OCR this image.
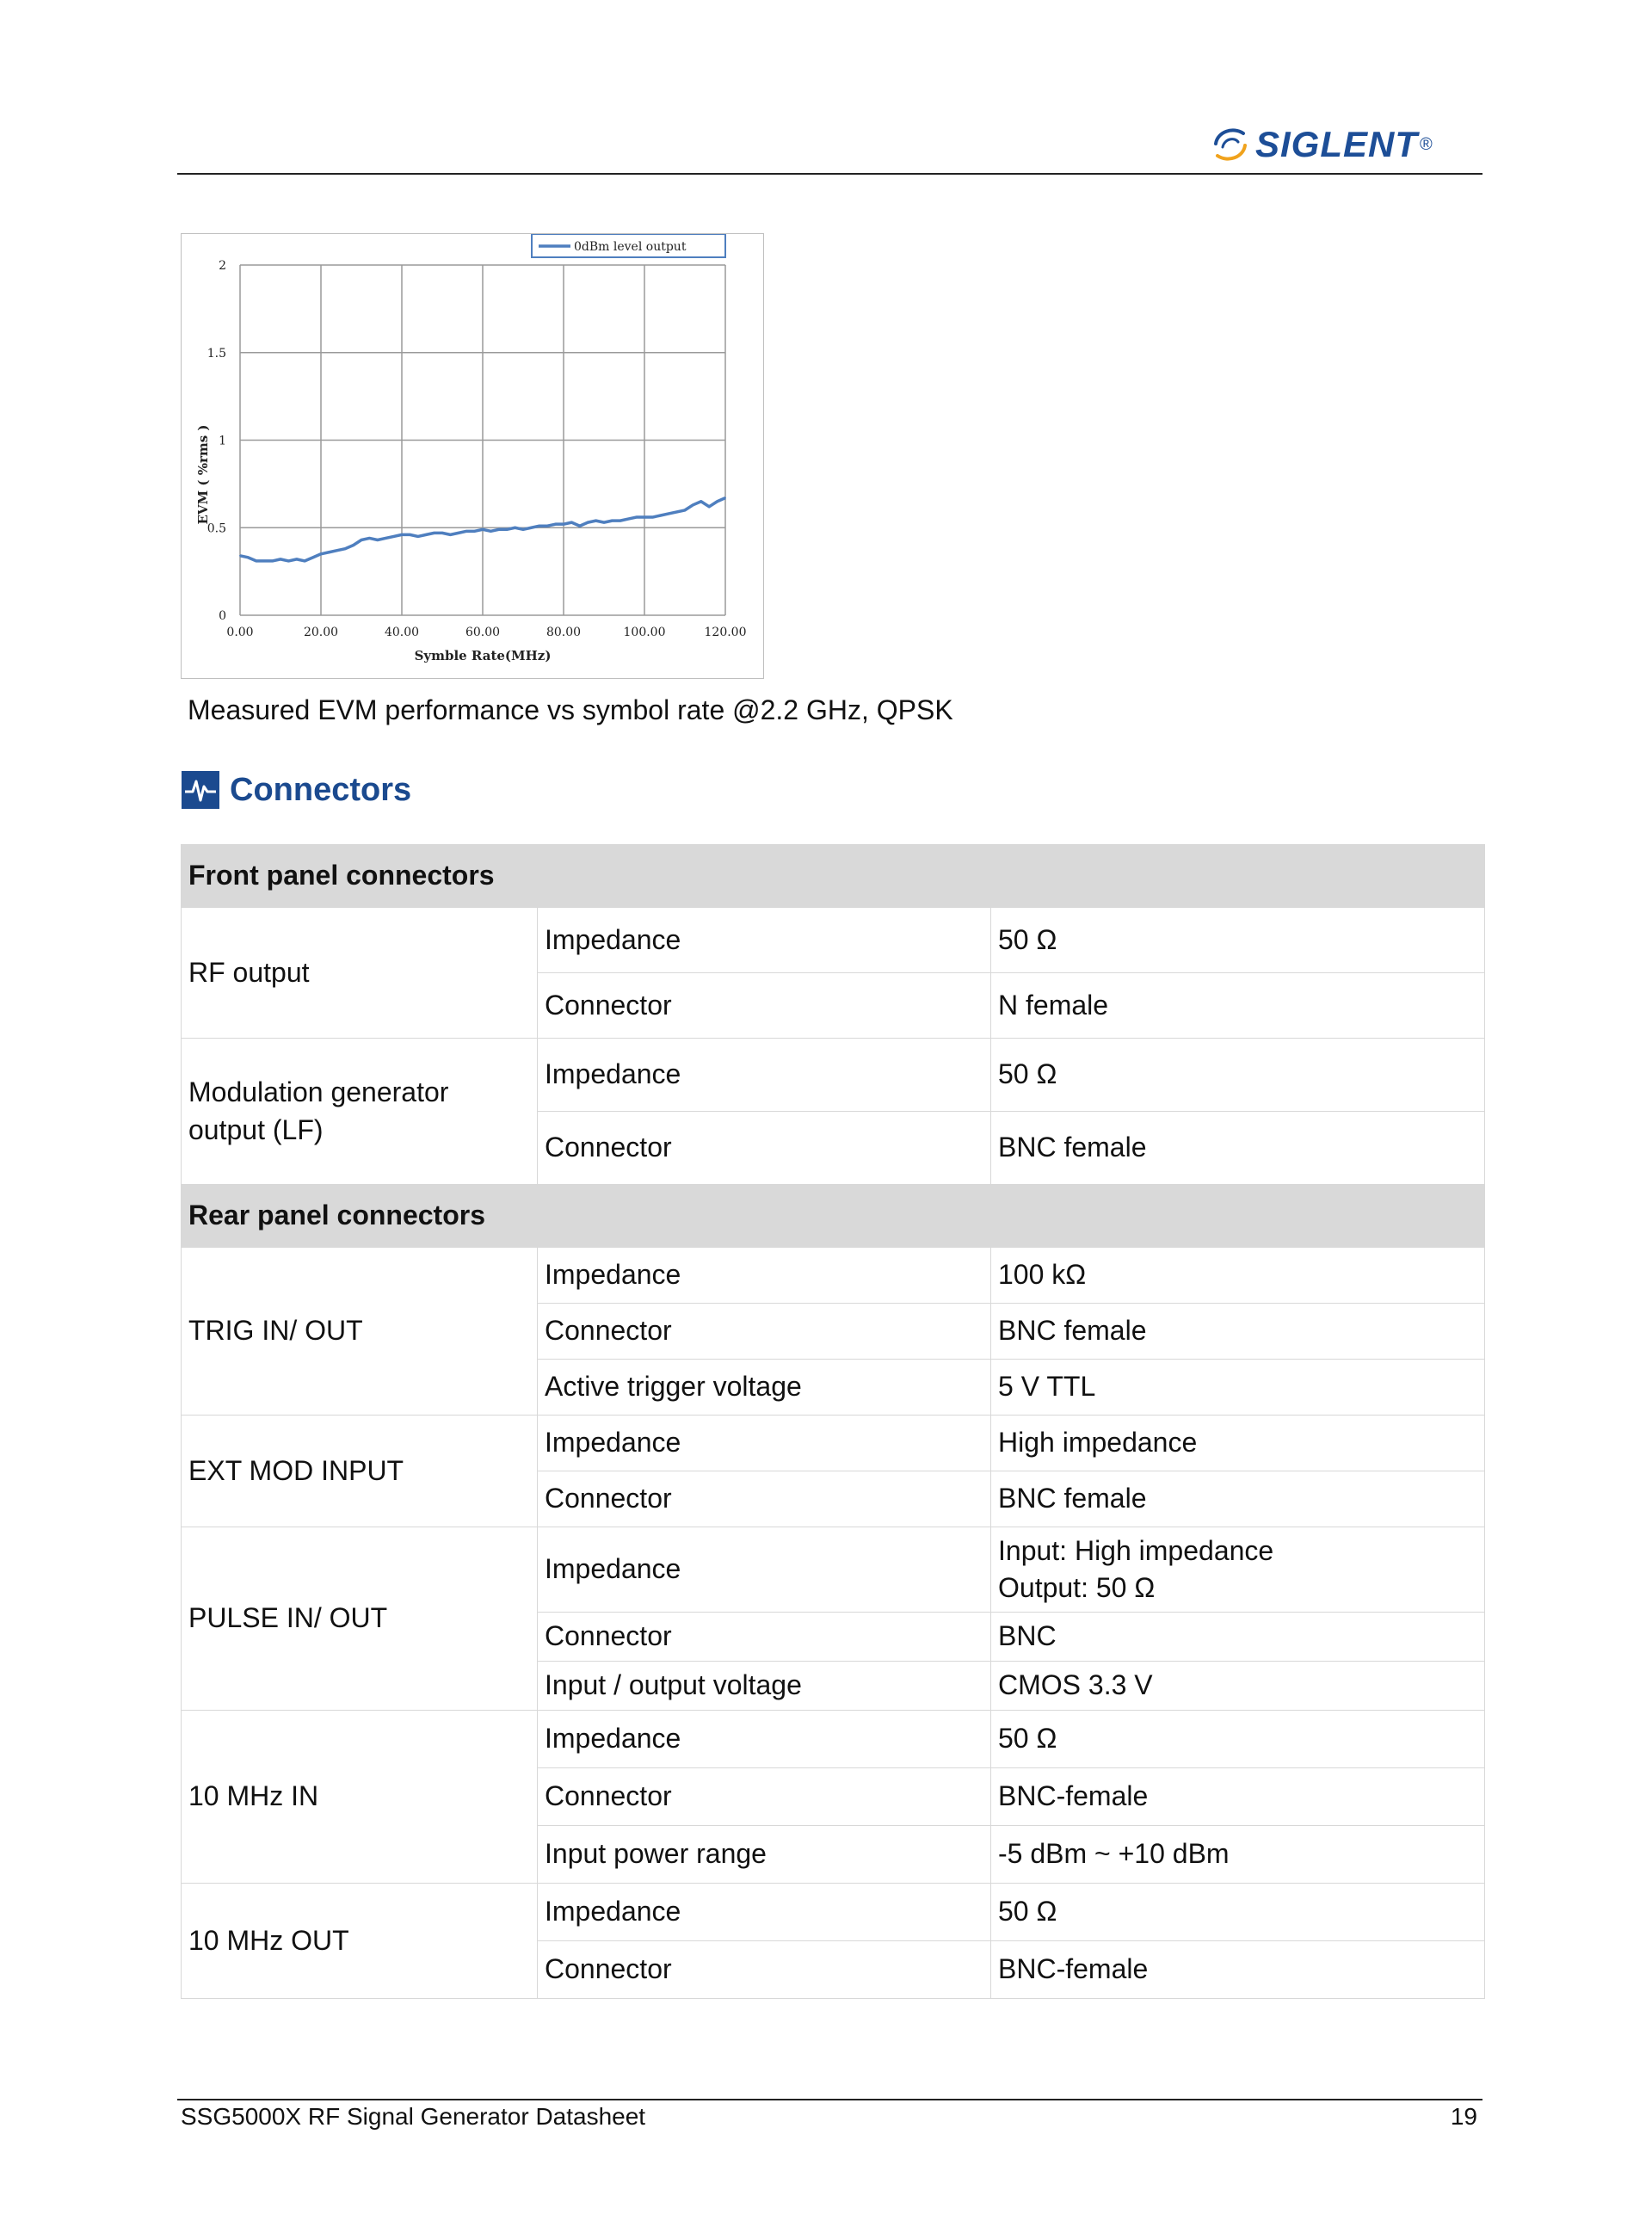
SIGLENT ®
0.00	20.00	40.00	60.00	80.00	100.00	120.00
0
0.5
1
1.5
2
Symble Rate(MHz)
EVM ( %rms )
0dBm level output
Measured EVM performance vs symbol rate @2.2 GHz, QPSK
Connectors
Front panel connectors		
RF output	Impedance	50 Ω
	Connector	N female
Modulation generator output (LF)	Impedance	50 Ω
	Connector	BNC female
Rear panel connectors		
TRIG IN/ OUT	Impedance	100 kΩ
	Connector	BNC female
	Active trigger voltage	5 V TTL
EXT MOD INPUT	Impedance	High impedance
	Connector	BNC female
PULSE IN/ OUT	Impedance	Input: High impedance
Output: 50 Ω
	Connector	BNC
	Input / output voltage	CMOS 3.3 V
10 MHz IN	Impedance	50 Ω
	Connector	BNC-female
	Input power range	-5 dBm ~ +10 dBm
10 MHz OUT	Impedance	50 Ω
	Connector	BNC-female
SSG5000X RF Signal Generator Datasheet	19
